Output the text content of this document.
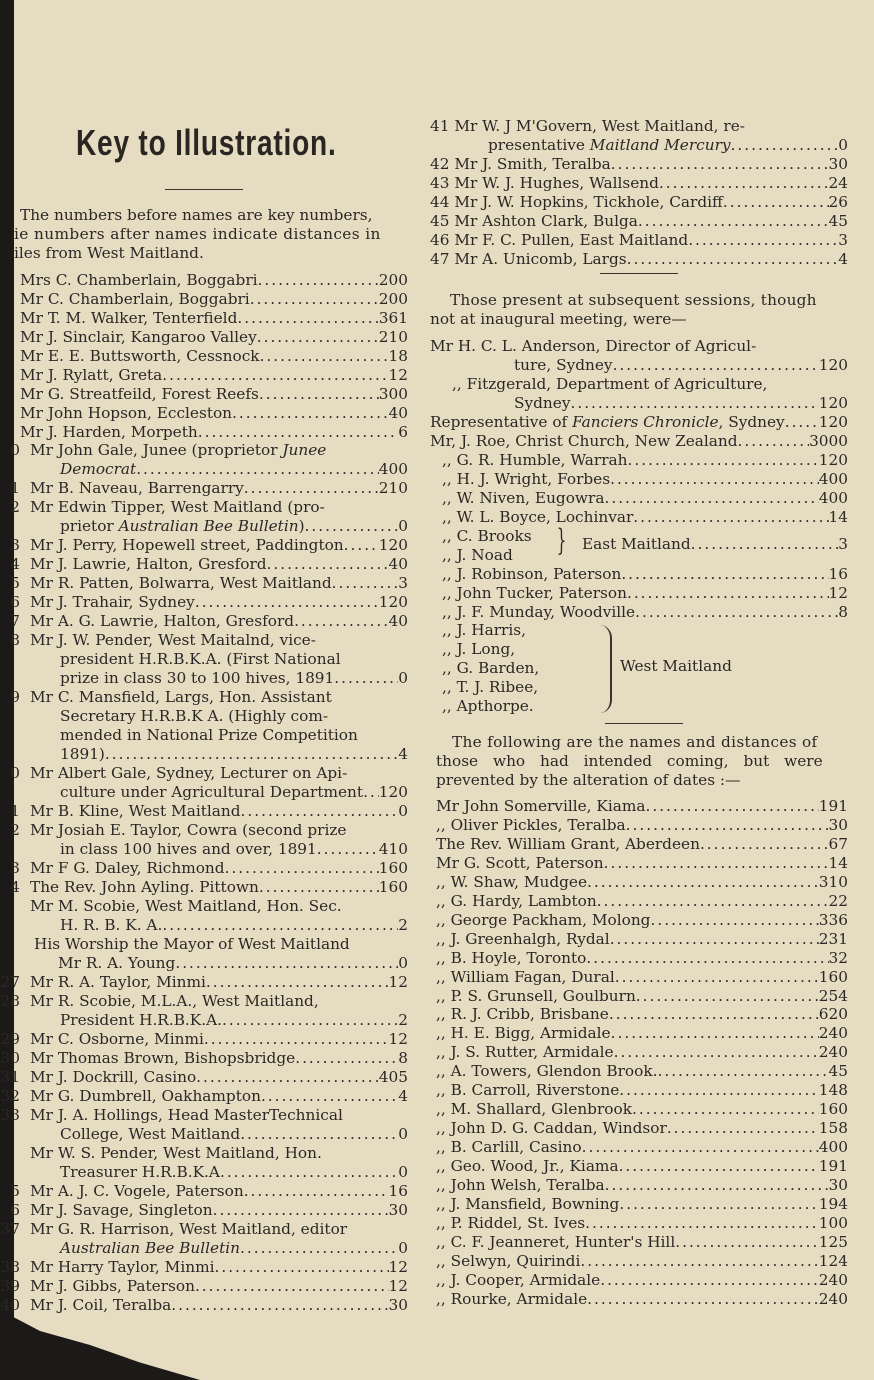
Key to Illustration.
The numbers before names are key numbers,
ie numbers after names indicate distances in
iles from West Maitland.
Mrs C. Chamberlain, Boggabri .....	200
Mr C. Chamberlain, Boggabri .....	200
Mr T. M. Walker, Tenterfield .....	361
Mr J. Sinclair, Kangaroo Valley .....	210
Mr E. E. Buttsworth, Cessnock .....	18
Mr J. Rylatt, Greta .....	12
Mr G. Streatfeild, Forest Reefs .....	300
Mr John Hopson, Eccleston .....	40
Mr J. Harden, Morpeth .....	6
0 Mr John Gale, Junee (proprietor Junee
Democrat .....	400
1 Mr B. Naveau, Barrengarry .....	210
2 Mr Edwin Tipper, West Maitland (pro-
prietor Australian Bee Bulletin) .....	0
3 Mr J. Perry, Hopewell street, Paddington ..... 120
4 Mr J. Lawrie, Halton, Gresford .....	40
5 Mr R. Patten, Bolwarra, West Maitland .....	3
6 Mr J. Trahair, Sydney .....	120
7 Mr A. G. Lawrie, Halton, Gresford .....	40
8 Mr J. W. Pender, West Maitalnd, vice-
president H.R.B.K.A. (First National
prize in class 30 to 100 hives, 1891 .....	0
9 Mr C. Mansfield, Largs, Hon. Assistant
Secretary H.R.B.K A. (Highly com-
mended in National Prize Competition
1891) .....	4
0 Mr Albert Gale, Sydney, Lecturer on Api-
culture under Agricultural Department ..... 120
1 Mr B. Kline, West Maitland .....	0
2 Mr Josiah E. Taylor, Cowra (second prize
in class 100 hives and over, 1891 .....	410
3 Mr F G. Daley, Richmond .....	160
4 The Rev. John Ayling. Pittown .....	160
Mr M. Scobie, West Maitland, Hon. Sec.
H. R. B. K. A. .....	2
His Worship the Mayor of West Maitland
Mr R. A. Young .....	0
27 Mr R. A. Taylor, Minmi .....	12
28 Mr R. Scobie, M.L.A., West Maitland,
President H.R.B.K.A. .....	2
29 Mr C. Osborne, Minmi .....	12
30 Mr Thomas Brown, Bishopsbridge .....	8
31 Mr J. Dockrill, Casino .....	405
32 Mr G. Dumbrell, Oakhampton .....	4
33 Mr J. A. Hollings, Head MasterTechnical
College, West Maitland .....	0
Mr W. S. Pender, West Maitland, Hon.
Treasurer H.R.B.K.A .....	0
5 Mr A. J. C. Vogele, Paterson .....	16
6 Mr J. Savage, Singleton .....	30
37 Mr G. R. Harrison, West Maitland, editor
Australian Bee Bulletin .....	0
38 Mr Harry Taylor, Minmi .....	12
39 Mr J. Gibbs, Paterson .....	12
40 Mr J. Coil, Teralba .....	30
41 Mr W. J M'Govern, West Maitland, re-
presentative Maitland Mercury .....	0
42 Mr J. Smith, Teralba .....	30
43 Mr W. J. Hughes, Wallsend .....	24
44 Mr J. W. Hopkins, Tickhole, Cardiff .....	26
45 Mr Ashton Clark, Bulga .....	45
46 Mr F. C. Pullen, East Maitland .....	3
47 Mr A. Unicomb, Largs .....	4
Those present at subsequent sessions, though
not at inaugural meeting, were—
Mr H. C. L. Anderson, Director of Agricul-
ture, Sydney .....	120
,, Fitzgerald, Department of Agriculture,
Sydney .....	120
Representative of Fanciers Chronicle, Sydney ..... 120
Mr, J. Roe, Christ Church, New Zealand .....	3000
,, G. R. Humble, Warrah .....	120
,, H. J. Wright, Forbes .....	400
,, W. Niven, Eugowra .....	400
,, W. L. Boyce, Lochinvar .....	14
,, C. Brooks
,, J. Noad } East Maitland .....	3
,, J. Robinson, Paterson .....	16
,, John Tucker, Paterson .....	12
,, J. F. Munday, Woodville .....	8
,, J. Harris,
,, J. Long,
,, G. Barden,
,, T. J. Ribee,
,, Apthorpe.
West Maitland
The following are the names and distances of
those who had intended coming, but were
prevented by the alteration of dates :—
Mr John Somerville, Kiama .....	191
,, Oliver Pickles, Teralba .....	30
The Rev. William Grant, Aberdeen .....	67
Mr G. Scott, Paterson .....	14
,, W. Shaw, Mudgee .....	310
,, G. Hardy, Lambton .....	22
,, George Packham, Molong .....	336
,, J. Greenhalgh, Rydal .....	231
,, B. Hoyle, Toronto .....	32
,, William Fagan, Dural .....	160
,, P. S. Grunsell, Goulburn .....	254
,, R. J. Cribb, Brisbane .....	620
,, H. E. Bigg, Armidale .....	240
,, J. S. Rutter, Armidale .....	240
,, A. Towers, Glendon Brook. .....	45
,, B. Carroll, Riverstone .....	148
,, M. Shallard, Glenbrook .....	160
,, John D. G. Caddan, Windsor .....	158
,, B. Carlill, Casino .....	400
,, Geo. Wood, Jr., Kiama .....	191
,, John Welsh, Teralba .....	30
,, J. Mansfield, Bowning .....	194
,, P. Riddel, St. Ives .....	100
,, C. F. Jeanneret, Hunter's Hill .....	125
,, Selwyn, Quirindi .....	124
,, J. Cooper, Armidale .....	240
,, Rourke, Armidale .....	240
